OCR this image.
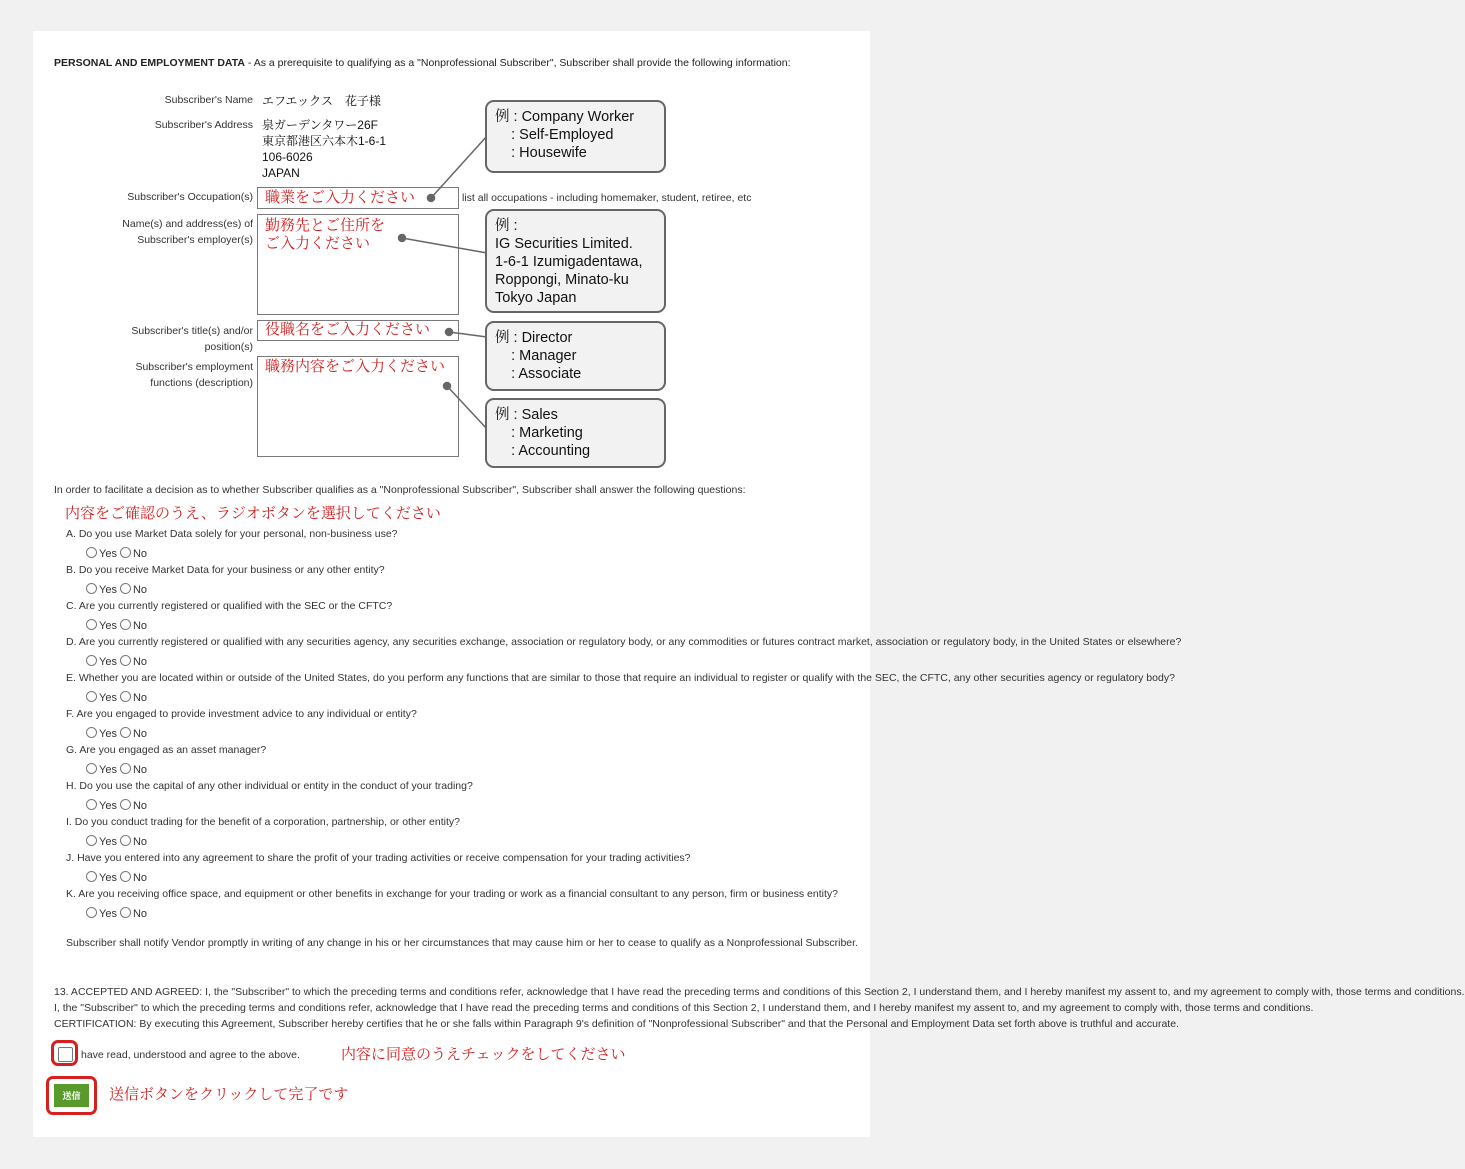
PERSONAL AND EMPLOYMENT DATA - As a prerequisite to qualifying as a "Nonprofessional Subscriber", Subscriber shall provide the following information:
Subscriber's Name エフエックス　花子様
Subscriber's Address 泉ガーデンタワー26F
東京都港区六本木1-6-1
106-6026
JAPAN
Subscriber's Occupation(s) 職業をご入力ください	list all occupations - including homemaker, student, retiree, etc
Name(s) and address(es) of
Subscriber's employer(s)
勤務先とご住所を
ご入力ください
Subscriber's title(s) and/or
position(s)
役職名をご入力ください
Subscriber's employment
functions (description)
職務内容をご入力ください
例 : Company Worker
: Self-Employed
: Housewife
例 :
IG Securities Limited.
1-6-1 Izumigadentawa,
Roppongi, Minato-ku
Tokyo Japan
例 : Director
: Manager
: Associate
例 : Sales
: Marketing
: Accounting
In order to facilitate a decision as to whether Subscriber qualifies as a "Nonprofessional Subscriber", Subscriber shall answer the following questions:
内容をご確認のうえ、ラジオボタンを選択してください
Subscriber shall notify Vendor promptly in writing of any change in his or her circumstances that may cause him or her to cease to qualify as a Nonprofessional Subscriber.
13. ACCEPTED AND AGREED: I, the "Subscriber" to which the preceding terms and conditions refer, acknowledge that I have read the preceding terms and conditions of this Section 2, I understand them, and I hereby manifest my assent to, and my agreement to comply with, those terms and conditions.
I, the "Subscriber" to which the preceding terms and conditions refer, acknowledge that I have read the preceding terms and conditions of this Section 2, I understand them, and I hereby manifest my assent to, and my agreement to comply with, those terms and conditions.
CERTIFICATION: By executing this Agreement, Subscriber hereby certifies that he or she falls within Paragraph 9's definition of "Nonprofessional Subscriber" and that the Personal and Employment Data set forth above is truthful and accurate.
have read, understood and agree to the above.	内容に同意のうえチェックをしてください
送信	送信ボタンをクリックして完了です
A. Do you use Market Data solely for your personal, non-business use?
Yes No
B. Do you receive Market Data for your business or any other entity?
Yes No
C. Are you currently registered or qualified with the SEC or the CFTC?
Yes No
D. Are you currently registered or qualified with any securities agency, any securities exchange, association or regulatory body, or any commodities or futures contract market, association or regulatory body, in the United States or elsewhere?
Yes No
E. Whether you are located within or outside of the United States, do you perform any functions that are similar to those that require an individual to register or qualify with the SEC, the CFTC, any other securities agency or regulatory body?
Yes No
F. Are you engaged to provide investment advice to any individual or entity?
Yes No
G. Are you engaged as an asset manager?
Yes No
H. Do you use the capital of any other individual or entity in the conduct of your trading?
Yes No
I. Do you conduct trading for the benefit of a corporation, partnership, or other entity?
Yes No
J. Have you entered into any agreement to share the profit of your trading activities or receive compensation for your trading activities?
Yes No
K. Are you receiving office space, and equipment or other benefits in exchange for your trading or work as a financial consultant to any person, firm or business entity?
Yes No
